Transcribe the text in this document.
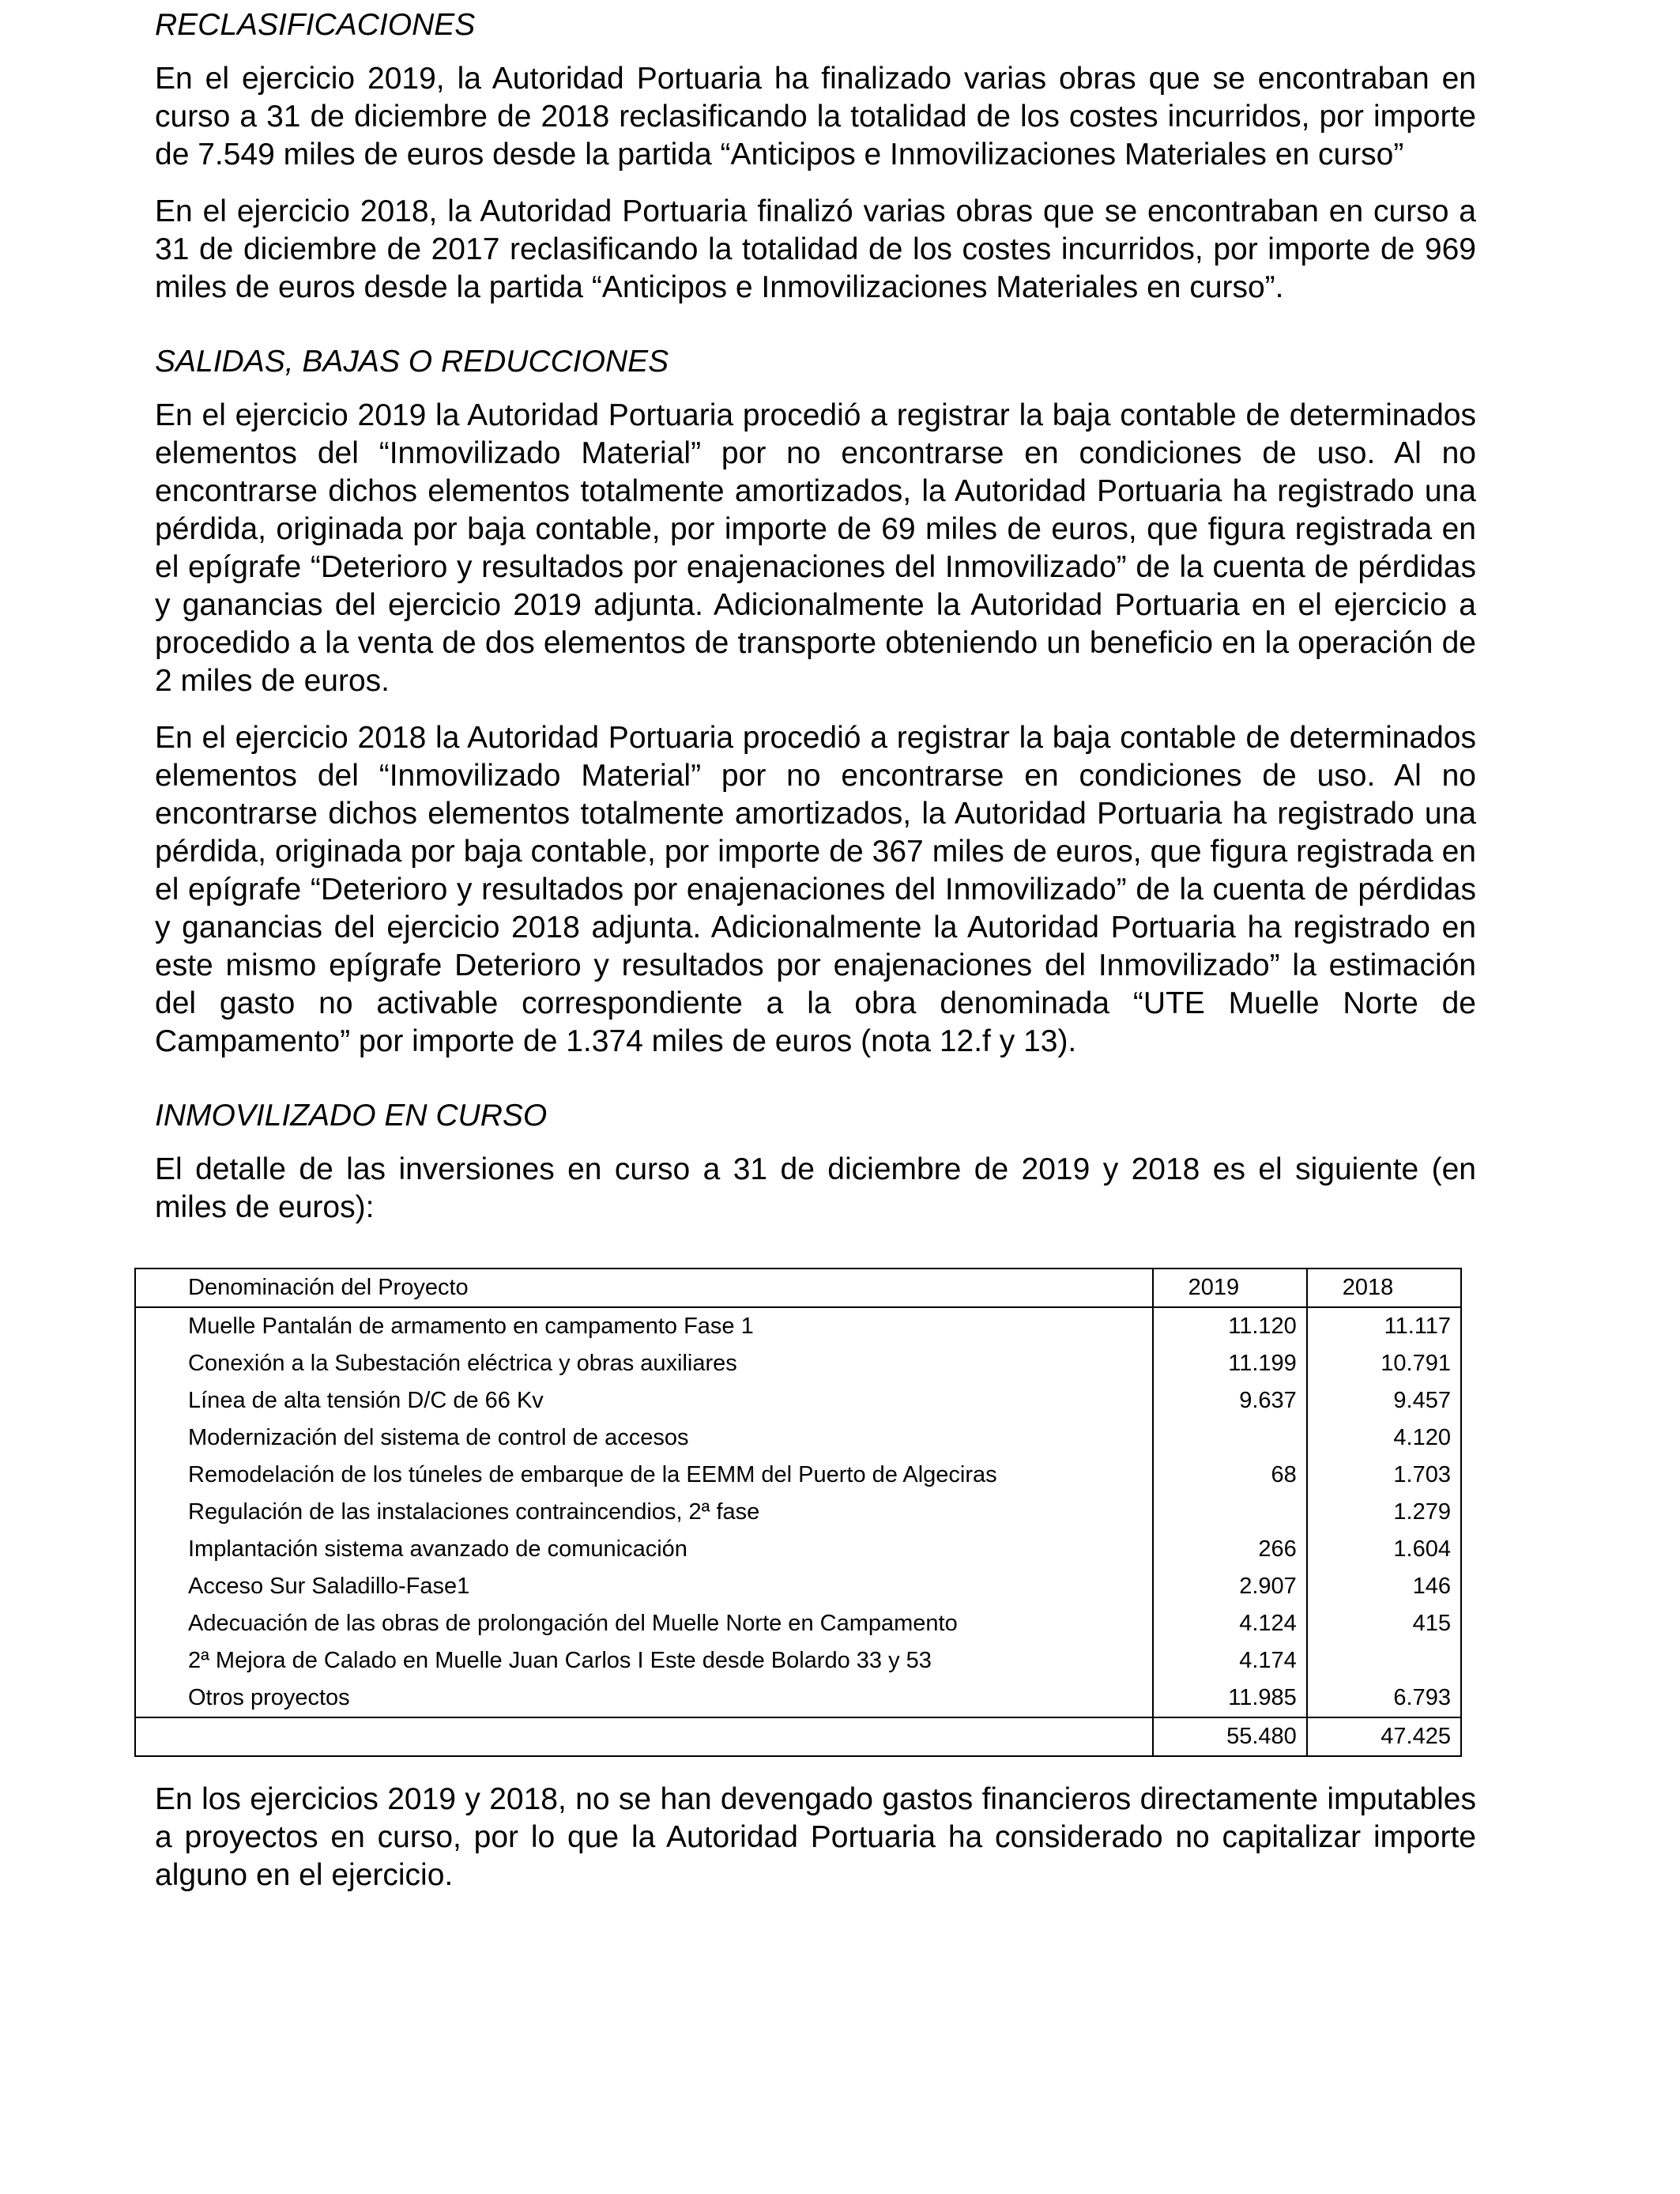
RECLASIFICACIONES

En el ejercicio 2019, la Autoridad Portuaria ha finalizado varias obras que se encontraban en curso a 31 de diciembre de 2018 reclasificando la totalidad de los costes incurridos, por importe de 7.549 miles de euros desde la partida “Anticipos e Inmovilizaciones Materiales en curso”

En el ejercicio 2018, la Autoridad Portuaria finalizó varias obras que se encontraban en curso a 31 de diciembre de 2017 reclasificando la totalidad de los costes incurridos, por importe de 969 miles de euros desde la partida “Anticipos e Inmovilizaciones Materiales en curso”.

SALIDAS, BAJAS O REDUCCIONES

En el ejercicio 2019 la Autoridad Portuaria procedió a registrar la baja contable de determinados elementos del “Inmovilizado Material” por no encontrarse en condiciones de uso. Al no encontrarse dichos elementos totalmente amortizados, la Autoridad Portuaria ha registrado una pérdida, originada por baja contable, por importe de 69 miles de euros, que figura registrada en el epígrafe “Deterioro y resultados por enajenaciones del Inmovilizado” de la cuenta de pérdidas y ganancias del ejercicio 2019 adjunta. Adicionalmente la Autoridad Portuaria en el ejercicio a procedido a la venta de dos elementos de transporte obteniendo un beneficio en la operación de 2 miles de euros.

En el ejercicio 2018 la Autoridad Portuaria procedió a registrar la baja contable de determinados elementos del “Inmovilizado Material” por no encontrarse en condiciones de uso. Al no encontrarse dichos elementos totalmente amortizados, la Autoridad Portuaria ha registrado una pérdida, originada por baja contable, por importe de 367 miles de euros, que figura registrada en el epígrafe “Deterioro y resultados por enajenaciones del Inmovilizado” de la cuenta de pérdidas y ganancias del ejercicio 2018 adjunta. Adicionalmente la Autoridad Portuaria ha registrado en este mismo epígrafe Deterioro y resultados por enajenaciones del Inmovilizado” la estimación del gasto no activable correspondiente a la obra denominada “UTE Muelle Norte de Campamento” por importe de 1.374 miles de euros (nota 12.f y 13).

INMOVILIZADO EN CURSO

El detalle de las inversiones en curso a 31 de diciembre de 2019 y 2018 es el siguiente (en miles de euros):

Denominación del Proyecto	2019	2018
Muelle Pantalán de armamento en campamento Fase 1	11.120	11.117
Conexión a la Subestación eléctrica y obras auxiliares	11.199	10.791
Línea de alta tensión D/C de 66 Kv	9.637	9.457
Modernización del sistema de control de accesos		4.120
Remodelación de los túneles de embarque de la EEMM del Puerto de Algeciras	68	1.703
Regulación de las instalaciones contraincendios, 2ª fase		1.279
Implantación sistema avanzado de comunicación	266	1.604
Acceso Sur Saladillo-Fase1	2.907	146
Adecuación de las obras de prolongación del Muelle Norte en Campamento	4.124	415
2ª Mejora de Calado en Muelle Juan Carlos I Este desde Bolardo 33 y 53	4.174	
Otros proyectos	11.985	6.793
	55.480	47.425

En los ejercicios 2019 y 2018, no se han devengado gastos financieros directamente imputables a proyectos en curso, por lo que la Autoridad Portuaria ha considerado no capitalizar importe alguno en el ejercicio.
